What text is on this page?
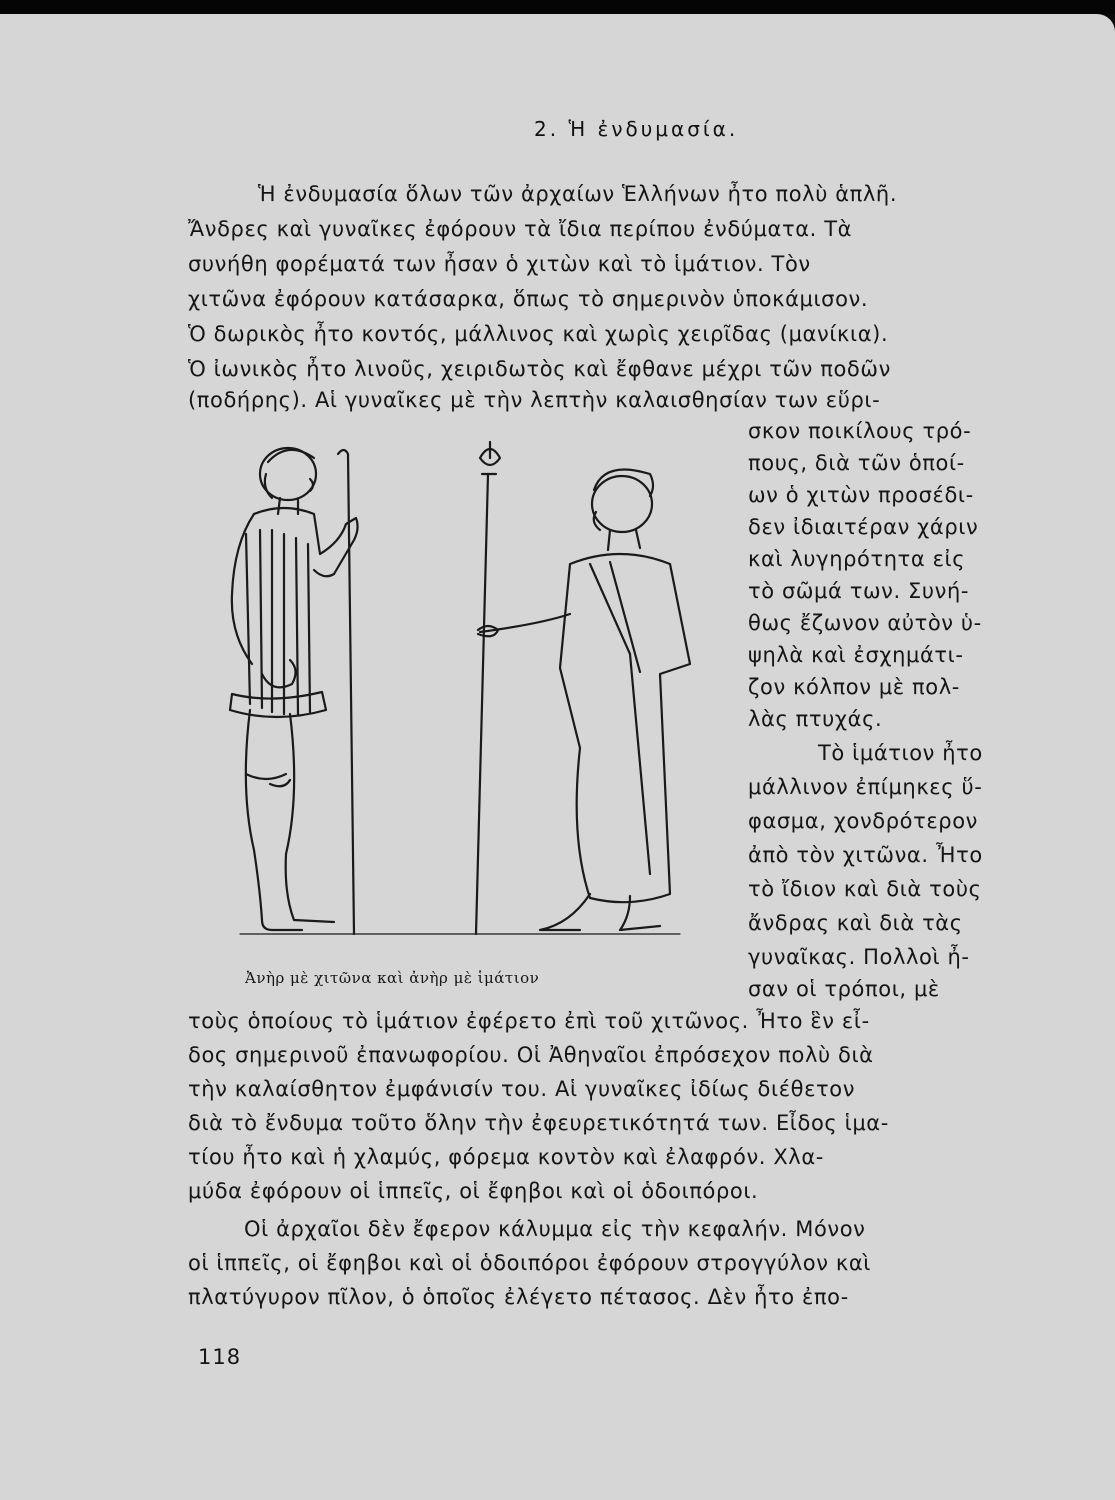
2. Ἡ ἐνδυμασία.
Ἡ ἐνδυμασία ὅλων τῶν ἀρχαίων Ἑλλήνων ἦτο πολὺ ἁπλῆ.
Ἄνδρες καὶ γυναῖκες ἐφόρουν τὰ ἴδια περίπου ἐνδύματα. Τὰ
συνήθη φορέματά των ἦσαν ὁ χιτὼν καὶ τὸ ἱμάτιον. Τὸν
χιτῶνα ἐφόρουν κατάσαρκα, ὅπως τὸ σημερινὸν ὑποκάμισον.
Ὁ δωρικὸς ἦτο κοντός, μάλλινος καὶ χωρὶς χειρῖδας (μανίκια).
Ὁ ἰωνικὸς ἦτο λινοῦς, χειριδωτὸς καὶ ἔφθανε μέχρι τῶν ποδῶν
(ποδήρης). Αἱ γυναῖκες μὲ τὴν λεπτὴν καλαισθησίαν των εὕρι-
σκον ποικίλους τρό-
πους, διὰ τῶν ὁποί-
ων ὁ χιτὼν προσέδι-
δεν ἰδιαιτέραν χάριν
καὶ λυγηρότητα εἰς
τὸ σῶμά των. Συνή-
θως ἔζωνον αὐτὸν ὑ-
ψηλὰ καὶ ἐσχημάτι-
ζον κόλπον μὲ πολ-
λὰς πτυχάς.
Τὸ ἱμάτιον ἦτο
μάλλινον ἐπίμηκες ὕ-
φασμα, χονδρότερον
ἀπὸ τὸν χιτῶνα. Ἦτο
τὸ ἴδιον καὶ διὰ τοὺς
ἄνδρας καὶ διὰ τὰς
γυναῖκας. Πολλοὶ ἦ-
σαν οἱ τρόποι, μὲ
Ἀνὴρ μὲ χιτῶνα καὶ ἀνὴρ μὲ ἱμάτιον
τοὺς ὁποίους τὸ ἱμάτιον ἐφέρετο ἐπὶ τοῦ χιτῶνος. Ἦτο ἓν εἶ-
δος σημερινοῦ ἐπανωφορίου. Οἱ Ἀθηναῖοι ἐπρόσεχον πολὺ διὰ
τὴν καλαίσθητον ἐμφάνισίν του. Αἱ γυναῖκες ἰδίως διέθετον
διὰ τὸ ἔνδυμα τοῦτο ὅλην τὴν ἐφευρετικότητά των. Εἶδος ἱμα-
τίου ἦτο καὶ ἡ χλαμύς, φόρεμα κοντὸν καὶ ἐλαφρόν. Χλα-
μύδα ἐφόρουν οἱ ἱππεῖς, οἱ ἔφηβοι καὶ οἱ ὁδοιπόροι.
Οἱ ἀρχαῖοι δὲν ἔφερον κάλυμμα εἰς τὴν κεφαλήν. Μόνον
οἱ ἱππεῖς, οἱ ἔφηβοι καὶ οἱ ὁδοιπόροι ἐφόρουν στρογγύλον καὶ
πλατύγυρον πῖλον, ὁ ὁποῖος ἐλέγετο πέτασος. Δὲν ἦτο ἐπο-
118
